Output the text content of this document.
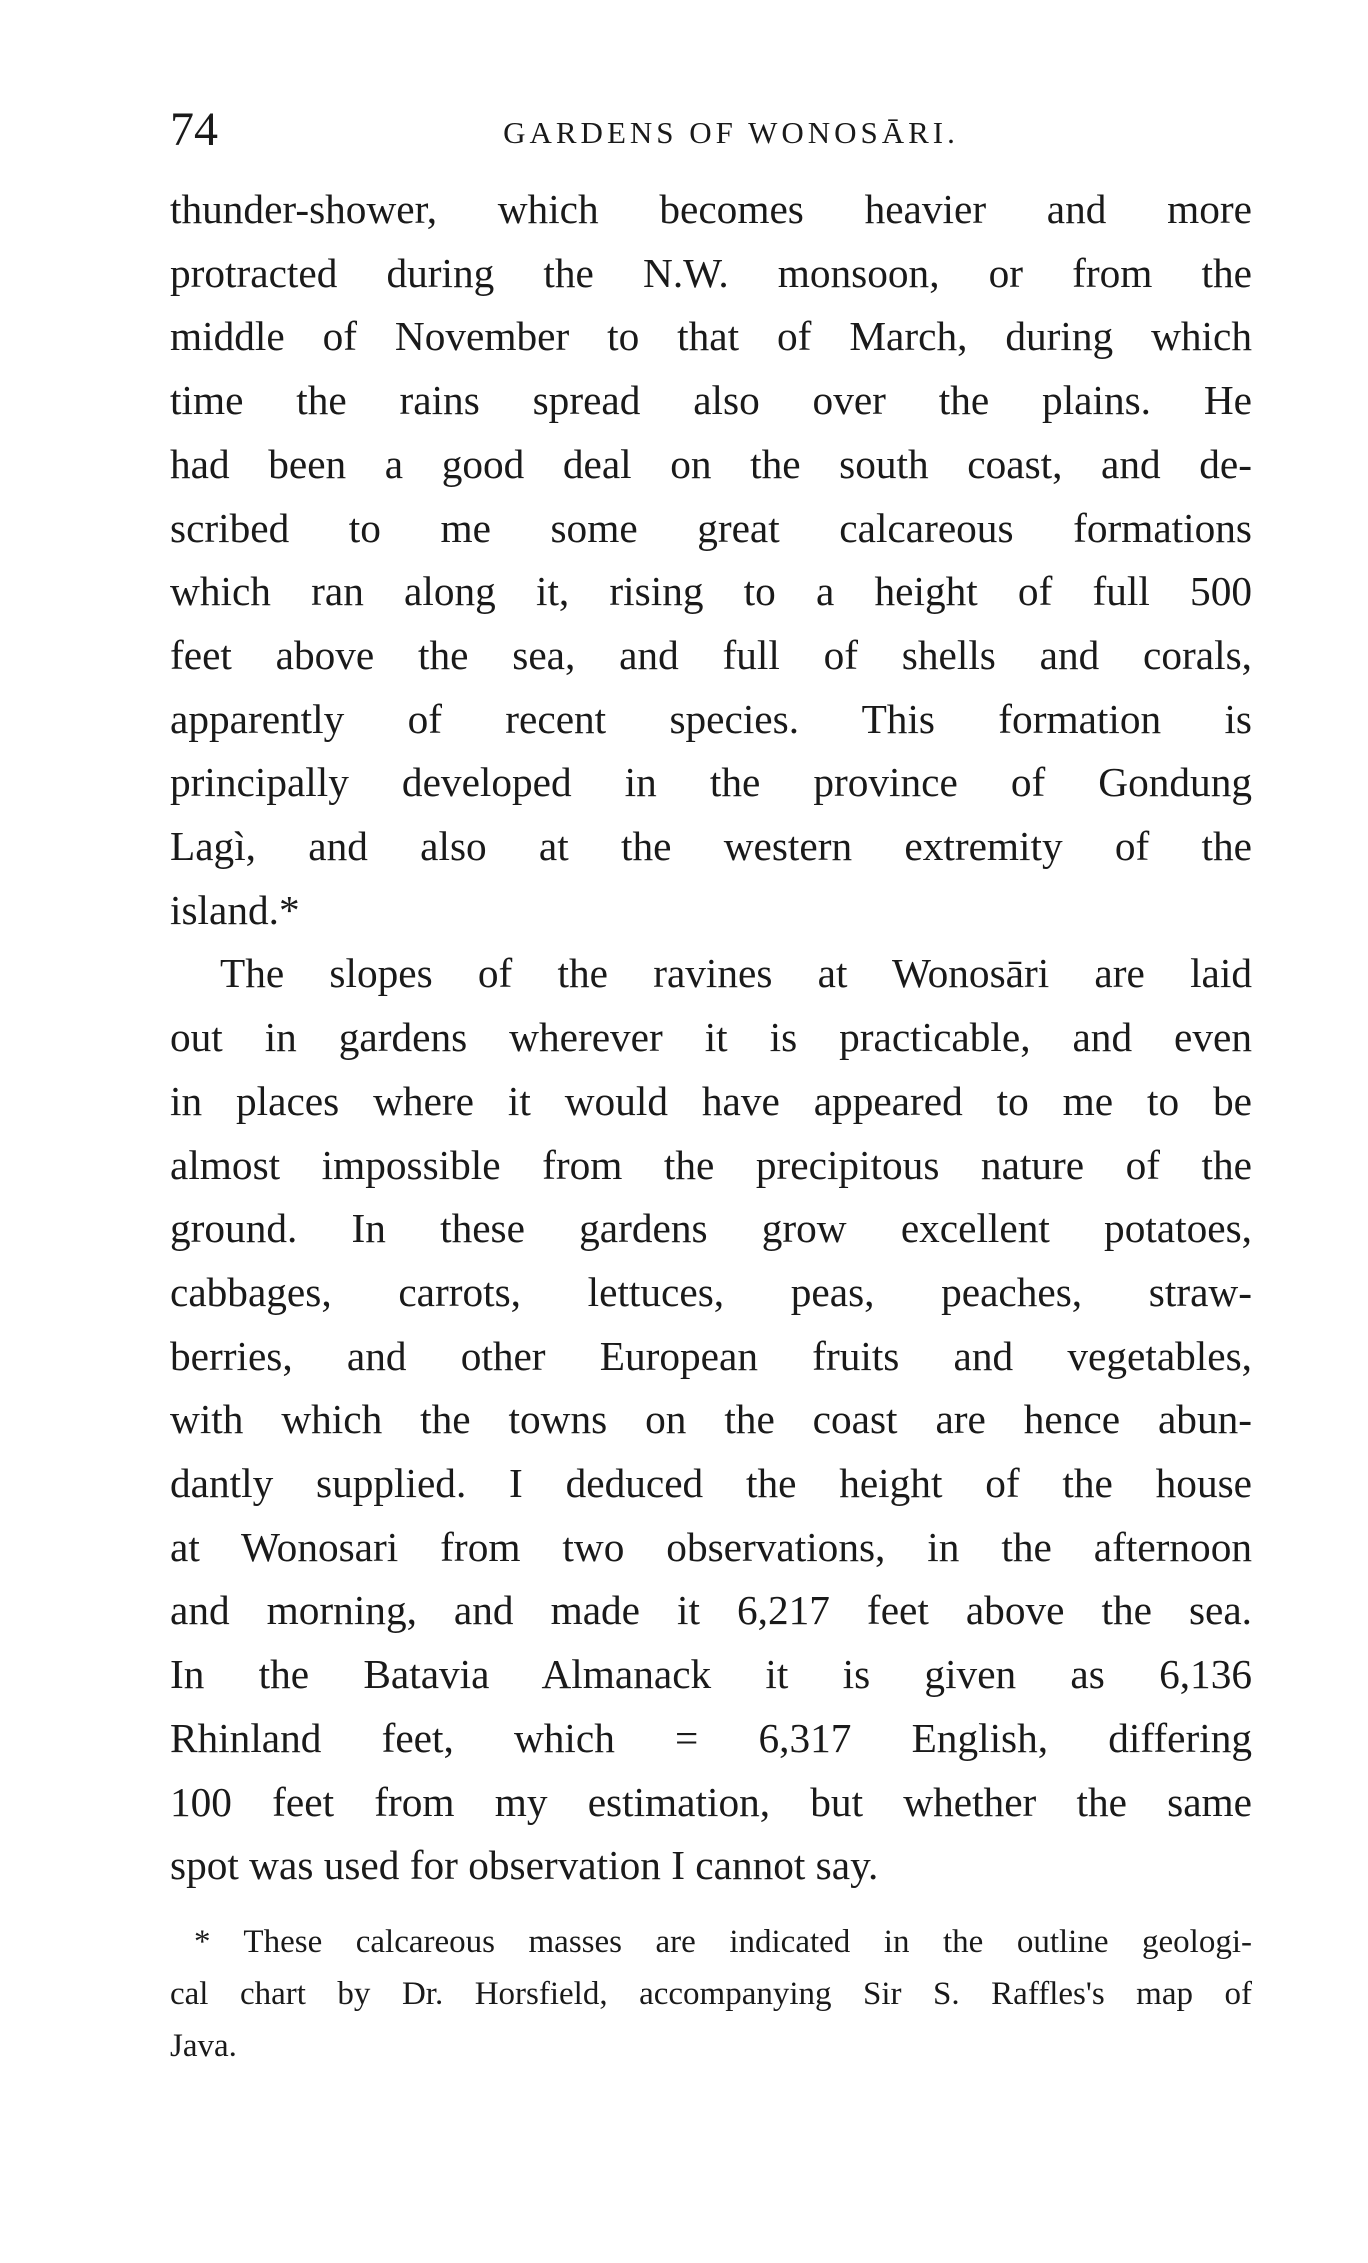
74	GARDENS OF WONOSĀRI.
thunder-shower, which becomes heavier and more
protracted during the N.W. monsoon, or from the
middle of November to that of March, during which
time the rains spread also over the plains. He
had been a good deal on the south coast, and de-
scribed to me some great calcareous formations
which ran along it, rising to a height of full 500
feet above the sea, and full of shells and corals,
apparently of recent species. This formation is
principally developed in the province of Gondung
Lagì, and also at the western extremity of the
island.*
The slopes of the ravines at Wonosāri are laid
out in gardens wherever it is practicable, and even
in places where it would have appeared to me to be
almost impossible from the precipitous nature of the
ground. In these gardens grow excellent potatoes,
cabbages, carrots, lettuces, peas, peaches, straw-
berries, and other European fruits and vegetables,
with which the towns on the coast are hence abun-
dantly supplied. I deduced the height of the house
at Wonosari from two observations, in the afternoon
and morning, and made it 6,217 feet above the sea.
In the Batavia Almanack it is given as 6,136
Rhinland feet, which = 6,317 English, differing
100 feet from my estimation, but whether the same
spot was used for observation I cannot say.
* These calcareous masses are indicated in the outline geologi-
cal chart by Dr. Horsfield, accompanying Sir S. Raffles's map of
Java.
